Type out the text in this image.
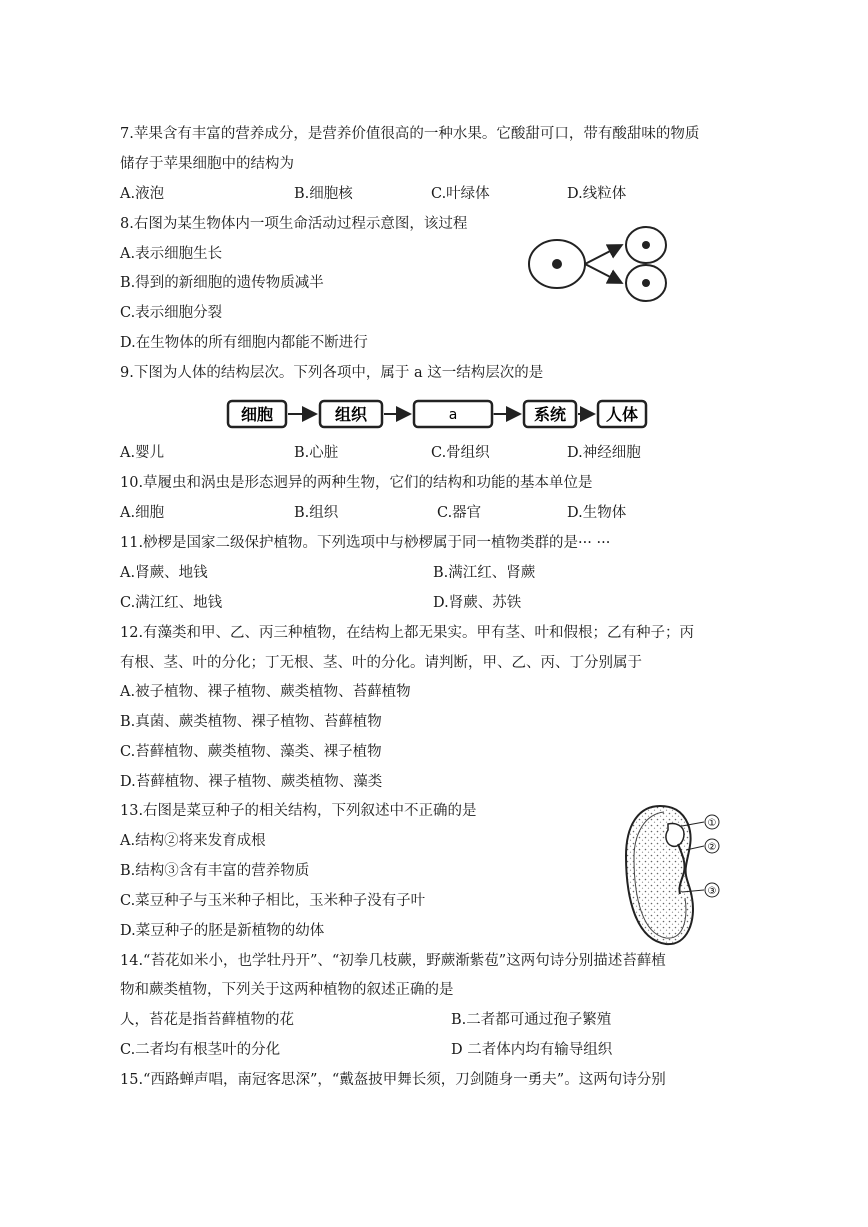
7.苹果含有丰富的营养成分，是营养价值很高的一种水果。它酸甜可口，带有酸甜味的物质
储存于苹果细胞中的结构为
A.液泡	B.细胞核	C.叶绿体	D.线粒体
8.右图为某生物体内一项生命活动过程示意图，该过程
A.表示细胞生长
B.得到的新细胞的遗传物质减半
C.表示细胞分裂
D.在生物体的所有细胞内都能不断进行
9.下图为人体的结构层次。下列各项中，属于 a 这一结构层次的是
细胞	组织	a	系统 人体
A.婴儿	B.心脏	C.骨组织	D.神经细胞
10.草履虫和涡虫是形态迥异的两种生物，它们的结构和功能的基本单位是
A.细胞	B.组织	C.器官	D.生物体
11.桫椤是国家二级保护植物。下列选项中与桫椤属于同一植物类群的是··· ···
A.肾蕨、地钱	B.满江红、肾蕨
C.满江红、地钱	D.肾蕨、苏铁
12.有藻类和甲、乙、丙三种植物，在结构上都无果实。甲有茎、叶和假根；乙有种子；丙
有根、茎、叶的分化；丁无根、茎、叶的分化。请判断，甲、乙、丙、丁分别属于
A.被子植物、裸子植物、蕨类植物、苔藓植物
B.真菌、蕨类植物、裸子植物、苔藓植物
C.苔藓植物、蕨类植物、藻类、裸子植物
D.苔藓植物、裸子植物、蕨类植物、藻类
13.右图是菜豆种子的相关结构，下列叙述中不正确的是
A.结构②将来发育成根
B.结构③含有丰富的营养物质
C.菜豆种子与玉米种子相比，玉米种子没有子叶
D.菜豆种子的胚是新植物的幼体
①
②
③
14.“苔花如米小，也学牡丹开”、“初拳几枝蕨，野蕨渐紫苞”这两句诗分别描述苔藓植
物和蕨类植物，下列关于这两种植物的叙述正确的是
人，苔花是指苔藓植物的花	B.二者都可通过孢子繁殖
C.二者均有根茎叶的分化	D 二者体内均有输导组织
15.“西路蝉声唱，南冠客思深”，“戴盔披甲舞长须，刀剑随身一勇夫”。这两句诗分别
